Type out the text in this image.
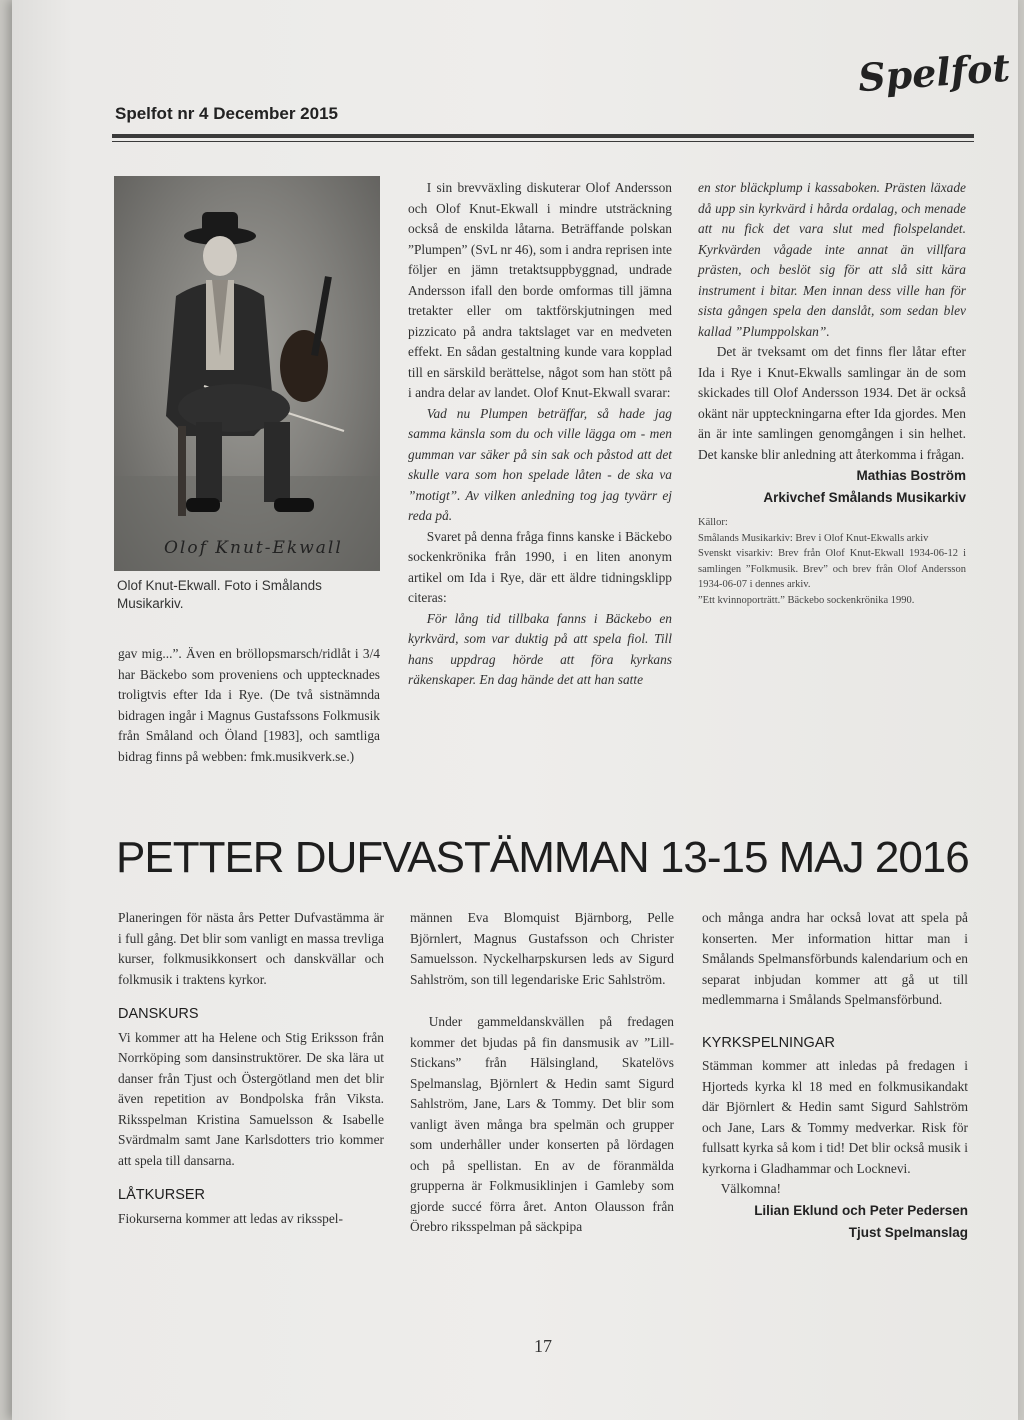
Spelfot nr 4 December 2015
Spelfot
Olof Knut-Ekwall
Olof Knut-Ekwall. Foto i Smålands Musikarkiv.

gav mig...”. Även en bröllopsmarsch/ridlåt i 3/4 har Bäckebo som proveniens och upptecknades troligtvis efter Ida i Rye. (De två sistnämnda bidragen ingår i Magnus Gustafssons Folkmusik från Småland och Öland [1983], och samtliga bidrag finns på webben: fmk.musikverk.se.)

I sin brevväxling diskuterar Olof Andersson och Olof Knut-Ekwall i mindre utsträckning också de enskilda låtarna. Beträffande polskan ”Plumpen” (SvL nr 46), som i andra reprisen inte följer en jämn tretaktsuppbyggnad, undrade Andersson ifall den borde omformas till jämna tretakter eller om taktförskjutningen med pizzicato på andra taktslaget var en medveten effekt. En sådan gestaltning kunde vara kopplad till en särskild berättelse, något som han stött på i andra delar av landet. Olof Knut-Ekwall svarar:

Vad nu Plumpen beträffar, så hade jag samma känsla som du och ville lägga om - men gumman var säker på sin sak och påstod att det skulle vara som hon spelade låten - de ska va ”motigt”. Av vilken anledning tog jag tyvärr ej reda på.

Svaret på denna fråga finns kanske i Bäckebo sockenkrönika från 1990, i en liten anonym artikel om Ida i Rye, där ett äldre tidningsklipp citeras:

För lång tid tillbaka fanns i Bäckebo en kyrkvärd, som var duktig på att spela fiol. Till hans uppdrag hörde att föra kyrkans räkenskaper. En dag hände det att han satte

en stor bläckplump i kassaboken. Prästen läxade då upp sin kyrkvärd i hårda ordalag, och menade att nu fick det vara slut med fiolspelandet. Kyrkvärden vågade inte annat än villfara prästen, och beslöt sig för att slå sitt kära instrument i bitar. Men innan dess ville han för sista gången spela den danslåt, som sedan blev kallad ”Plumppolskan”.

Det är tveksamt om det finns fler låtar efter Ida i Rye i Knut-Ekwalls samlingar än de som skickades till Olof Andersson 1934. Det är också okänt när uppteckningarna efter Ida gjordes. Men än är inte samlingen genomgången i sin helhet. Det kanske blir anledning att återkomma i frågan.

Mathias Boström

Arkivchef Smålands Musikarkiv

Källor:

Smålands Musikarkiv: Brev i Olof Knut-Ekwalls arkiv

Svenskt visarkiv: Brev från Olof Knut-Ekwall 1934-06-12 i samlingen ”Folkmusik. Brev” och brev från Olof Andersson 1934-06-07 i dennes arkiv.

”Ett kvinnoporträtt.” Bäckebo sockenkrönika 1990.

PETTER DUFVASTÄMMAN 13-15 MAJ 2016

Planeringen för nästa års Petter Dufvastämma är i full gång. Det blir som vanligt en massa trevliga kurser, folkmusikkonsert och danskvällar och folkmusik i traktens kyrkor.

DANSKURS

Vi kommer att ha Helene och Stig Eriksson från Norrköping som dansinstruktörer. De ska lära ut danser från Tjust och Östergötland men det blir även repetition av Bondpolska från Viksta. Riksspelman Kristina Samuelsson & Isabelle Svärdmalm samt Jane Karlsdotters trio kommer att spela till dansarna.

LÅTKURSER

Fiokurserna kommer att ledas av riksspel-

männen Eva Blomquist Bjärnborg, Pelle Björnlert, Magnus Gustafsson och Christer Samuelsson. Nyckelharpskursen leds av Sigurd Sahlström, son till legendariske Eric Sahlström.

Under gammeldanskvällen på fredagen kommer det bjudas på fin dansmusik av ”Lill-Stickans” från Hälsingland, Skatelövs Spelmanslag, Björnlert & Hedin samt Sigurd Sahlström, Jane, Lars & Tommy. Det blir som vanligt även många bra spelmän och grupper som underhåller under konserten på lördagen och på spellistan. En av de föranmälda grupperna är Folkmusiklinjen i Gamleby som gjorde succé förra året. Anton Olausson från Örebro riksspelman på säckpipa

och många andra har också lovat att spela på konserten. Mer information hittar man i Smålands Spelmansförbunds kalendarium och en separat inbjudan kommer att gå ut till medlemmarna i Smålands Spelmansförbund.

KYRKSPELNINGAR

Stämman kommer att inledas på fredagen i Hjorteds kyrka kl 18 med en folkmusikandakt där Björnlert & Hedin samt Sigurd Sahlström och Jane, Lars & Tommy medverkar. Risk för fullsatt kyrka så kom i tid! Det blir också musik i kyrkorna i Gladhammar och Locknevi.

Välkomna!

Lilian Eklund och Peter Pedersen

Tjust Spelmanslag

17
